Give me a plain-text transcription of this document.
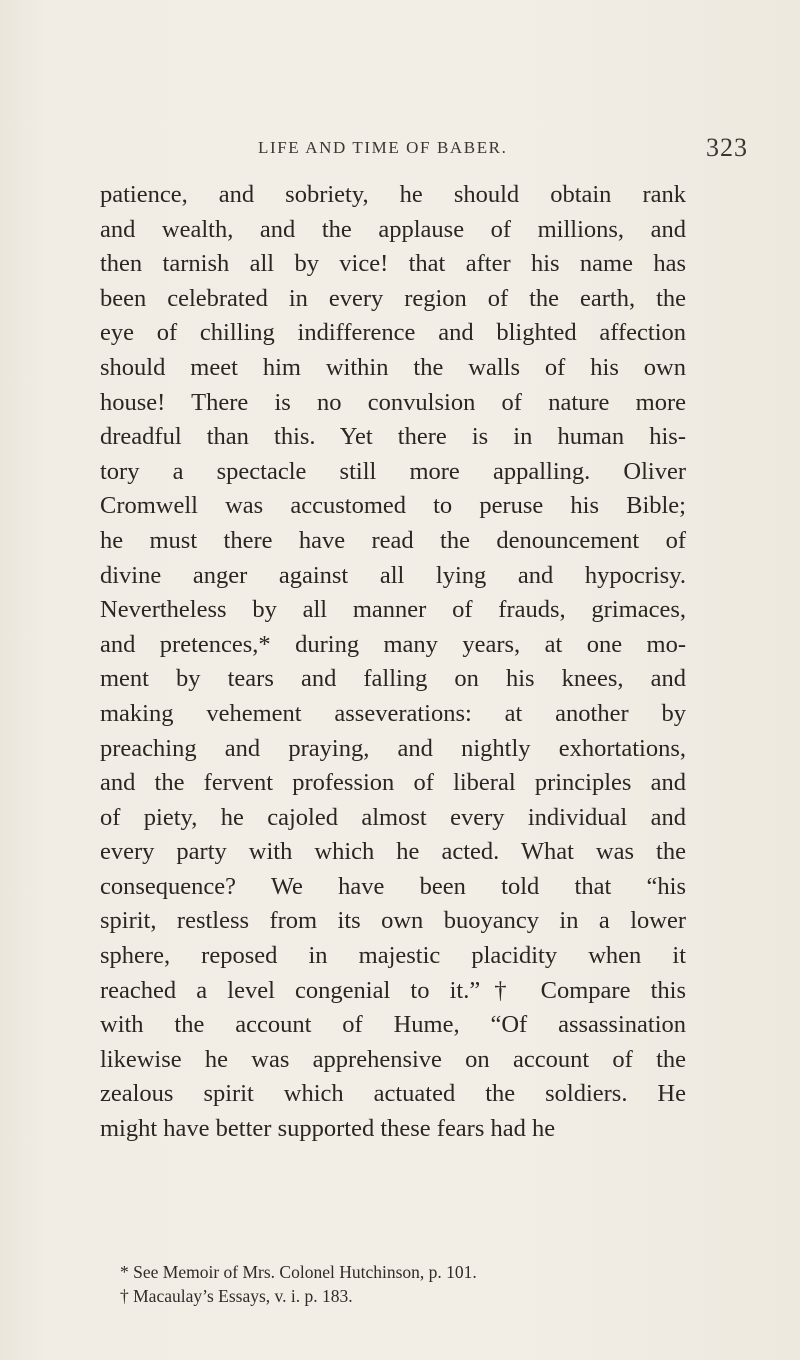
LIFE AND TIME OF BABER.	323
patience, and sobriety, he should obtain rank
and wealth, and the applause of millions, and
then tarnish all by vice! that after his name has
been celebrated in every region of the earth, the
eye of chilling indifference and blighted affection
should meet him within the walls of his own
house! There is no convulsion of nature more
dreadful than this. Yet there is in human his-
tory a spectacle still more appalling. Oliver
Cromwell was accustomed to peruse his Bible;
he must there have read the denouncement of
divine anger against all lying and hypocrisy.
Nevertheless by all manner of frauds, grimaces,
and pretences,* during many years, at one mo-
ment by tears and falling on his knees, and
making vehement asseverations: at another by
preaching and praying, and nightly exhortations,
and the fervent profession of liberal principles and
of piety, he cajoled almost every individual and
every party with which he acted. What was the
consequence? We have been told that “his
spirit, restless from its own buoyancy in a lower
sphere, reposed in majestic placidity when it
reached a level congenial to it.”† Compare this
with the account of Hume, “Of assassination
likewise he was apprehensive on account of the
zealous spirit which actuated the soldiers. He
might have better supported these fears had he
* See Memoir of Mrs. Colonel Hutchinson, p. 101.
† Macaulay’s Essays, v. i. p. 183.
